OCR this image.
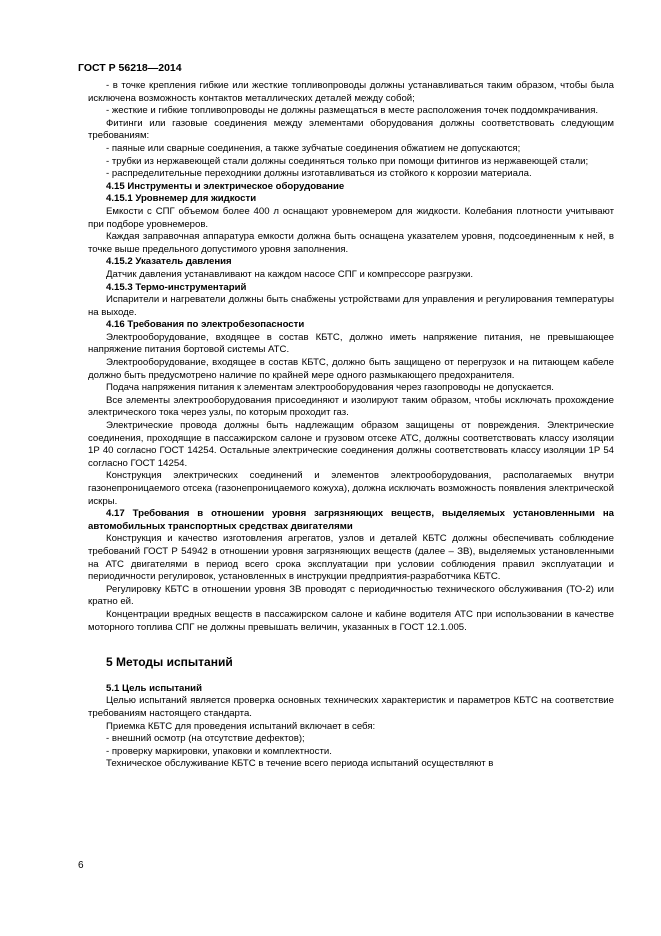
ГОСТ Р 56218—2014

- в точке крепления гибкие или жесткие топливопроводы должны устанавливаться таким образом, чтобы была исключена возможность контактов металлических деталей между собой;

- жесткие и гибкие топливопроводы не должны размещаться в месте расположения точек поддомкрачивания.

Фитинги или газовые соединения между элементами оборудования должны соответствовать следующим требованиям:

- паяные или сварные соединения, а также зубчатые соединения обжатием не допускаются;

- трубки из нержавеющей стали должны соединяться только при помощи фитингов из нержавеющей стали;

- распределительные переходники должны изготавливаться из стойкого к коррозии материала.

4.15 Инструменты и электрическое оборудование

4.15.1 Уровнемер для жидкости

Емкости с СПГ объемом более 400 л оснащают уровнемером для жидкости. Колебания плотности учитывают при подборе уровнемеров.

Каждая заправочная аппаратура емкости должна быть оснащена указателем уровня, подсоединенным к ней, в точке выше предельного допустимого уровня заполнения.

4.15.2 Указатель давления

Датчик давления устанавливают на каждом насосе СПГ и компрессоре разгрузки.

4.15.3 Термо-инструментарий

Испарители и нагреватели должны быть снабжены устройствами для управления и регулирования температуры на выходе.

4.16 Требования по электробезопасности

Электрооборудование, входящее в состав КБТС, должно иметь напряжение питания, не превышающее напряжение питания бортовой системы АТС.

Электрооборудование, входящее в состав КБТС, должно быть защищено от перегрузок и на питающем кабеле должно быть предусмотрено наличие по крайней мере одного размыкающего предохранителя.

Подача напряжения питания к элементам электрооборудования через газопроводы не допускается.

Все элементы электрооборудования присоединяют и изолируют таким образом, чтобы исключать прохождение электрического тока через узлы, по которым проходит газ.

Электрические провода должны быть надлежащим образом защищены от повреждения. Электрические соединения, проходящие в пассажирском салоне и грузовом отсеке АТС, должны соответствовать классу изоляции 1Р 40 согласно ГОСТ 14254. Остальные электрические соединения должны соответствовать классу изоляции 1Р 54 согласно ГОСТ 14254.

Конструкция электрических соединений и элементов электрооборудования, располагаемых внутри газонепроницаемого отсека (газонепроницаемого кожуха), должна исключать возможность появления электрической искры.

4.17 Требования в отношении уровня загрязняющих веществ, выделяемых установленными на автомобильных транспортных средствах двигателями

Конструкция и качество изготовления агрегатов, узлов и деталей КБТС должны обеспечивать соблюдение требований ГОСТ Р 54942 в отношении уровня загрязняющих веществ (далее – ЗВ), выделяемых установленными на АТС двигателями в период всего срока эксплуатации при условии соблюдения правил эксплуатации и периодичности регулировок, установленных в инструкции предприятия-разработчика КБТС.

Регулировку КБТС в отношении уровня ЗВ проводят с периодичностью технического обслуживания (ТО-2) или кратно ей.

Концентрации вредных веществ в пассажирском салоне и кабине водителя АТС при использовании в качестве моторного топлива СПГ не должны превышать величин, указанных в ГОСТ 12.1.005.

5 Методы испытаний

5.1 Цель испытаний

Целью испытаний является проверка основных технических характеристик и параметров КБТС на соответствие требованиям настоящего стандарта.

Приемка КБТС для проведения испытаний включает в себя:

- внешний осмотр (на отсутствие дефектов);

- проверку маркировки, упаковки и комплектности.

Техническое обслуживание КБТС в течение всего периода испытаний осуществляют в

6
